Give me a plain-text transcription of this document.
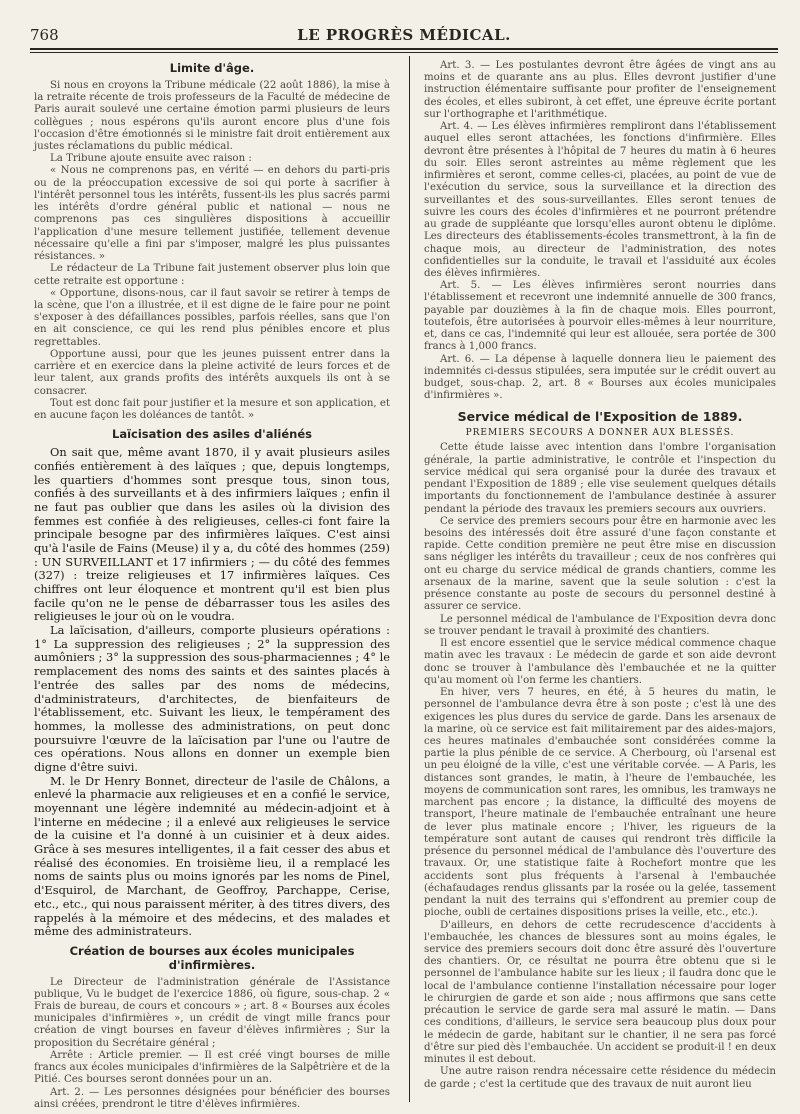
768	LE PROGRÈS MÉDICAL.
Limite d'âge.

Si nous en croyons la Tribune médicale (22 août 1886), la mise à la retraite récente de trois professeurs de la Faculté de médecine de Paris aurait soulevé une certaine émotion parmi plusieurs de leurs collègues ; nous espérons qu'ils auront encore plus d'une fois l'occasion d'être émotionnés si le ministre fait droit entièrement aux justes réclamations du public médical.

La Tribune ajoute ensuite avec raison :

« Nous ne comprenons pas, en vérité — en dehors du parti-pris ou de la préoccupation excessive de soi qui porte à sacrifier à l'intérêt personnel tous les intérêts, fussent-ils les plus sacrés parmi les intérêts d'ordre général public et national — nous ne comprenons pas ces singulières dispositions à accueillir l'application d'une mesure tellement justifiée, tellement devenue nécessaire qu'elle a fini par s'imposer, malgré les plus puissantes résistances. »

Le rédacteur de La Tribune fait justement observer plus loin que cette retraite est opportune :

« Opportune, disons-nous, car il faut savoir se retirer à temps de la scène, que l'on a illustrée, et il est digne de le faire pour ne point s'exposer à des défaillances possibles, parfois réelles, sans que l'on en ait conscience, ce qui les rend plus pénibles encore et plus regrettables.

Opportune aussi, pour que les jeunes puissent entrer dans la carrière et en exercice dans la pleine activité de leurs forces et de leur talent, aux grands profits des intérêts auxquels ils ont à se consacrer.

Tout est donc fait pour justifier et la mesure et son application, et en aucune façon les doléances de tantôt. »

Laïcisation des asiles d'aliénés

On sait que, même avant 1870, il y avait plusieurs asiles confiés entièrement à des laïques ; que, depuis longtemps, les quartiers d'hommes sont presque tous, sinon tous, confiés à des surveillants et à des infirmiers laïques ; enfin il ne faut pas oublier que dans les asiles où la division des femmes est confiée à des religieuses, celles-ci font faire la principale besogne par des infirmières laïques. C'est ainsi qu'à l'asile de Fains (Meuse) il y a, du côté des hommes (259) : UN SURVEILLANT et 17 infirmiers ; — du côté des femmes (327) : treize religieuses et 17 infirmières laïques. Ces chiffres ont leur éloquence et montrent qu'il est bien plus facile qu'on ne le pense de débarrasser tous les asiles des religieuses le jour où on le voudra.

La laïcisation, d'ailleurs, comporte plusieurs opérations : 1° La suppression des religieuses ; 2° la suppression des aumôniers ; 3° la suppression des sous-pharmaciennes ; 4° le remplacement des noms des saints et des saintes placés à l'entrée des salles par des noms de médecins, d'administrateurs, d'architectes, de bienfaiteurs de l'établissement, etc. Suivant les lieux, le tempérament des hommes, la mollesse des administrations, on peut donc poursuivre l'œuvre de la laïcisation par l'une ou l'autre de ces opérations. Nous allons en donner un exemple bien digne d'être suivi.

M. le Dr Henry Bonnet, directeur de l'asile de Châlons, a enlevé la pharmacie aux religieuses et en a confié le service, moyennant une légère indemnité au médecin-adjoint et à l'interne en médecine ; il a enlevé aux religieuses le service de la cuisine et l'a donné à un cuisinier et à deux aides. Grâce à ses mesures intelligentes, il a fait cesser des abus et réalisé des économies. En troisième lieu, il a remplacé les noms de saints plus ou moins ignorés par les noms de Pinel, d'Esquirol, de Marchant, de Geoffroy, Parchappe, Cerise, etc., etc., qui nous paraissent mériter, à des titres divers, des rappelés à la mémoire et des médecins, et des malades et même des administrateurs.

Création de bourses aux écoles municipales d'infirmières.

Le Directeur de l'administration générale de l'Assistance publique, Vu le budget de l'exercice 1886, où figure, sous-chap. 2 « Frais de bureau, de cours et concours » ; art. 8 « Bourses aux écoles municipales d'infirmières », un crédit de vingt mille francs pour création de vingt bourses en faveur d'élèves infirmières ; Sur la proposition du Secrétaire général ;

Arrête : Article premier. — Il est créé vingt bourses de mille francs aux écoles municipales d'infirmières de la Salpêtrière et de la Pitié. Ces bourses seront données pour un an.

Art. 2. — Les personnes désignées pour bénéficier des bourses ainsi créées, prendront le titre d'élèves infirmières.

Art. 3. — Les postulantes devront être âgées de vingt ans au moins et de quarante ans au plus. Elles devront justifier d'une instruction élémentaire suffisante pour profiter de l'enseignement des écoles, et elles subiront, à cet effet, une épreuve écrite portant sur l'orthographe et l'arithmétique.

Art. 4. — Les élèves infirmières rempliront dans l'établissement auquel elles seront attachées, les fonctions d'infirmière. Elles devront être présentes à l'hôpital de 7 heures du matin à 6 heures du soir. Elles seront astreintes au même règlement que les infirmières et seront, comme celles-ci, placées, au point de vue de l'exécution du service, sous la surveillance et la direction des surveillantes et des sous-surveillantes. Elles seront tenues de suivre les cours des écoles d'infirmières et ne pourront prétendre au grade de suppléante que lorsqu'elles auront obtenu le diplôme. Les directeurs des établissements-écoles transmettront, à la fin de chaque mois, au directeur de l'administration, des notes confidentielles sur la conduite, le travail et l'assiduité aux écoles des élèves infirmières.

Art. 5. — Les élèves infirmières seront nourries dans l'établissement et recevront une indemnité annuelle de 300 francs, payable par douzièmes à la fin de chaque mois. Elles pourront, toutefois, être autorisées à pourvoir elles-mêmes à leur nourriture, et, dans ce cas, l'indemnité qui leur est allouée, sera portée de 300 francs à 1,000 francs.

Art. 6. — La dépense à laquelle donnera lieu le paiement des indemnités ci-dessus stipulées, sera imputée sur le crédit ouvert au budget, sous-chap. 2, art. 8 « Bourses aux écoles municipales d'infirmières ».

Service médical de l'Exposition de 1889.
PREMIERS SECOURS A DONNER AUX BLESSÉS.

Cette étude laisse avec intention dans l'ombre l'organisation générale, la partie administrative, le contrôle et l'inspection du service médical qui sera organisé pour la durée des travaux et pendant l'Exposition de 1889 ; elle vise seulement quelques détails importants du fonctionnement de l'ambulance destinée à assurer pendant la période des travaux les premiers secours aux ouvriers.

Ce service des premiers secours pour être en harmonie avec les besoins des intéressés doit être assuré d'une façon constante et rapide. Cette condition première ne peut être mise en discussion sans négliger les intérêts du travailleur ; ceux de nos confrères qui ont eu charge du service médical de grands chantiers, comme les arsenaux de la marine, savent que la seule solution : c'est la présence constante au poste de secours du personnel destiné à assurer ce service.

Le personnel médical de l'ambulance de l'Exposition devra donc se trouver pendant le travail à proximité des chantiers.

Il est encore essentiel que le service médical commence chaque matin avec les travaux : Le médecin de garde et son aide devront donc se trouver à l'ambulance dès l'embauchée et ne la quitter qu'au moment où l'on ferme les chantiers.

En hiver, vers 7 heures, en été, à 5 heures du matin, le personnel de l'ambulance devra être à son poste ; c'est là une des exigences les plus dures du service de garde. Dans les arsenaux de la marine, où ce service est fait militairement par des aides-majors, ces heures matinales d'embauchée sont considérées comme la partie la plus pénible de ce service. A Cherbourg, où l'arsenal est un peu éloigné de la ville, c'est une véritable corvée. — A Paris, les distances sont grandes, le matin, à l'heure de l'embauchée, les moyens de communication sont rares, les omnibus, les tramways ne marchent pas encore ; la distance, la difficulté des moyens de transport, l'heure matinale de l'embauchée entraînant une heure de lever plus matinale encore ; l'hiver, les rigueurs de la température sont autant de causes qui rendront très difficile la présence du personnel médical de l'ambulance dès l'ouverture des travaux. Or, une statistique faite à Rochefort montre que les accidents sont plus fréquents à l'arsenal à l'embauchée (échafaudages rendus glissants par la rosée ou la gelée, tassement pendant la nuit des terrains qui s'effondrent au premier coup de pioche, oubli de certaines dispositions prises la veille, etc., etc.).

D'ailleurs, en dehors de cette recrudescence d'accidents à l'embauchée, les chances de blessures sont au moins égales, le service des premiers secours doit donc être assuré dès l'ouverture des chantiers. Or, ce résultat ne pourra être obtenu que si le personnel de l'ambulance habite sur les lieux ; il faudra donc que le local de l'ambulance contienne l'installation nécessaire pour loger le chirurgien de garde et son aide ; nous affirmons que sans cette précaution le service de garde sera mal assuré le matin. — Dans ces conditions, d'ailleurs, le service sera beaucoup plus doux pour le médecin de garde, habitant sur le chantier, il ne sera pas forcé d'être sur pied dès l'embauchée. Un accident se produit-il ! en deux minutes il est debout.

Une autre raison rendra nécessaire cette résidence du médecin de garde ; c'est la certitude que des travaux de nuit auront lieu
